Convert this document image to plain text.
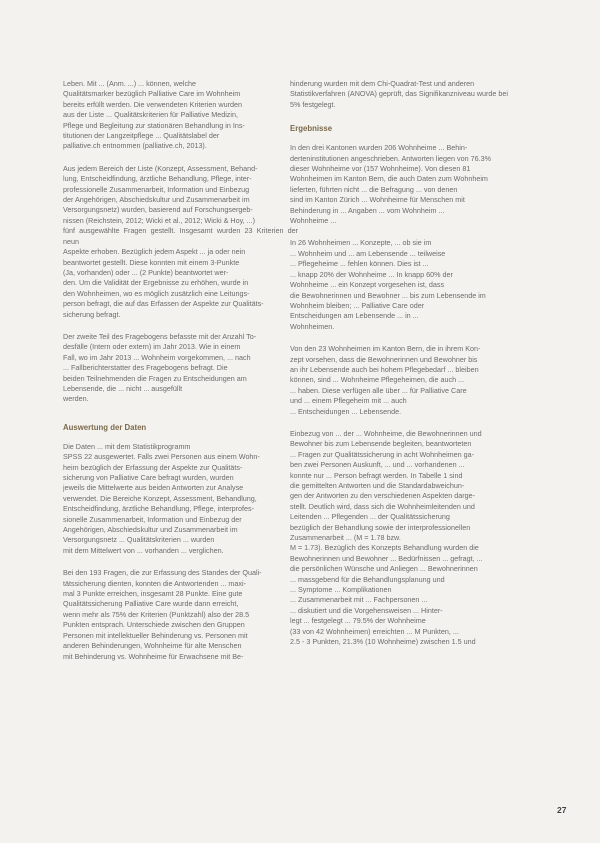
Leben. Mit ... (Anm. ...) ... können, welche
Qualitätsmarker bezüglich Palliative Care im Wohnheim
bereits erfüllt werden. Die verwendeten Kriterien wurden
aus der Liste ... Qualitätskriterien für Palliative Medizin,
Pflege und Begleitung zur stationären Behandlung in Ins-
titutionen der Langzeitpflege ... Qualitätslabel der
palliative.ch entnommen (palliative.ch, 2013).

Aus jedem Bereich der Liste (Konzept, Assessment, Behand-
lung, Entscheidfindung, ärztliche Behandlung, Pflege, inter-
professionelle Zusammenarbeit, Information und Einbezug
der Angehörigen, Abschiedskultur und Zusammenarbeit im
Versorgungsnetz) wurden, basierend auf Forschungsergeb-
nissen (Reichstein, 2012; Wicki et al., 2012; Wicki & Hoy, ...)
fünf ausgewählte Fragen gestellt. Insgesamt wurden 23 Kriterien der neun
Aspekte erhoben. Bezüglich jedem Aspekt ... ja oder nein
beantwortet gestellt. Diese konnten mit einem 3-Punkte
(Ja, vorhanden) oder ... (2 Punkte) beantwortet wer-
den. Um die Validität der Ergebnisse zu erhöhen, wurde in
den Wohnheimen, wo es möglich zusätzlich eine Leitungs-
person befragt, die auf das Erfassen der Aspekte zur Qualitäts-
sicherung befragt.

Der zweite Teil des Fragebogens befasste mit der Anzahl To-
desfälle (Intern oder extern) im Jahr 2013. Wie in einem
Fall, wo im Jahr 2013 ... Wohnheim vorgekommen, ... nach
... Fallberichterstatter des Fragebogens befragt. Die
beiden Teilnehmenden die Fragen zu Entscheidungen am
Lebensende, die ... nicht ... ausgefüllt
werden.

Auswertung der Daten

Die Daten ... mit dem Statistikprogramm
SPSS 22 ausgewertet. Falls zwei Personen aus einem Wohn-
heim bezüglich der Erfassung der Aspekte zur Qualitäts-
sicherung von Palliative Care befragt wurden, wurden
jeweils die Mittelwerte aus beiden Antworten zur Analyse
verwendet. Die Bereiche Konzept, Assessment, Behandlung,
Entscheidfindung, ärztliche Behandlung, Pflege, interprofes-
sionelle Zusammenarbeit, Information und Einbezug der
Angehörigen, Abschiedskultur und Zusammenarbeit im
Versorgungsnetz ... Qualitätskriterien ... wurden
mit dem Mittelwert von ... vorhanden ... verglichen.

Bei den 193 Fragen, die zur Erfassung des Standes der Quali-
tätssicherung dienten, konnten die Antwortenden ... maxi-
mal 3 Punkte erreichen, insgesamt 28 Punkte. Eine gute
Qualitätssicherung Palliative Care wurde dann erreicht,
wenn mehr als 75% der Kriterien (Punktzahl) also der 28.5
Punkten entsprach. Unterschiede zwischen den Gruppen
Personen mit intellektueller Behinderung vs. Personen mit
anderen Behinderungen, Wohnheime für alte Menschen
mit Behinderung vs. Wohnheime für Erwachsene mit Be-

hinderung wurden mit dem Chi-Quadrat-Test und anderen
Statistikverfahren (ANOVA) geprüft, das Signifikanzniveau wurde bei
5% festgelegt.

Ergebnisse

In den drei Kantonen wurden 206 Wohnheime ... Behin-
derteninstitutionen angeschrieben. Antworten liegen von 76.3%
dieser Wohnheime vor (157 Wohnheime). Von diesen 81
Wohnheimen im Kanton Bern, die auch Daten zum Wohnheim
lieferten, führten nicht ... die Befragung ... von denen
sind im Kanton Zürich ... Wohnheime für Menschen mit
Behinderung in ... Angaben ... vom Wohnheim ...
Wohnheime ...

In 26 Wohnheimen ... Konzepte, ... ob sie im
... Wohnheim und ... am Lebensende ... teilweise
... Pflegeheime ... fehlen können. Dies ist ...
... knapp 20% der Wohnheime ... In knapp 60% der
Wohnheime ... ein Konzept vorgesehen ist, dass
die Bewohnerinnen und Bewohner ... bis zum Lebensende im
Wohnheim bleiben; ... Palliative Care oder
Entscheidungen am Lebensende ... in ...
Wohnheimen.

Von den 23 Wohnheimen im Kanton Bern, die in ihrem Kon-
zept vorsehen, dass die Bewohnerinnen und Bewohner bis
an ihr Lebensende auch bei hohem Pflegebedarf ... bleiben
können, sind ... Wohnheime Pflegeheimen, die auch ...
... haben. Diese verfügen alle über ... für Palliative Care
und ... einem Pflegeheim mit ... auch
... Entscheidungen ... Lebensende.

Einbezug von ... der ... Wohnheime, die Bewohnerinnen und
Bewohner bis zum Lebensende begleiten, beantworteten
... Fragen zur Qualitätssicherung in acht Wohnheimen ga-
ben zwei Personen Auskunft, ... und ... vorhandenen ...
konnte nur ... Person befragt werden. In Tabelle 1 sind
die gemittelten Antworten und die Standardabweichun-
gen der Antworten zu den verschiedenen Aspekten darge-
stellt. Deutlich wird, dass sich die Wohnheimleitenden und
Leitenden ... Pflegenden ... der Qualitätssicherung
bezüglich der Behandlung sowie der interprofessionellen
Zusammenarbeit ... (M = 1.78 bzw.
M = 1.73). Bezüglich des Konzepts Behandlung wurden die
Bewohnerinnen und Bewohner ... Bedürfnissen ... gefragt, ...
die persönlichen Wünsche und Anliegen ... Bewohnerinnen
... massgebend für die Behandlungsplanung und
... Symptome ... Komplikationen
... Zusammenarbeit mit ... Fachpersonen ...
... diskutiert und die Vorgehensweisen ... Hinter-
legt ... festgelegt ... 79.5% der Wohnheime
(33 von 42 Wohnheimen) erreichten ... M Punkten, ...
2.5 - 3 Punkten, 21.3% (10 Wohnheime) zwischen 1.5 und

27
